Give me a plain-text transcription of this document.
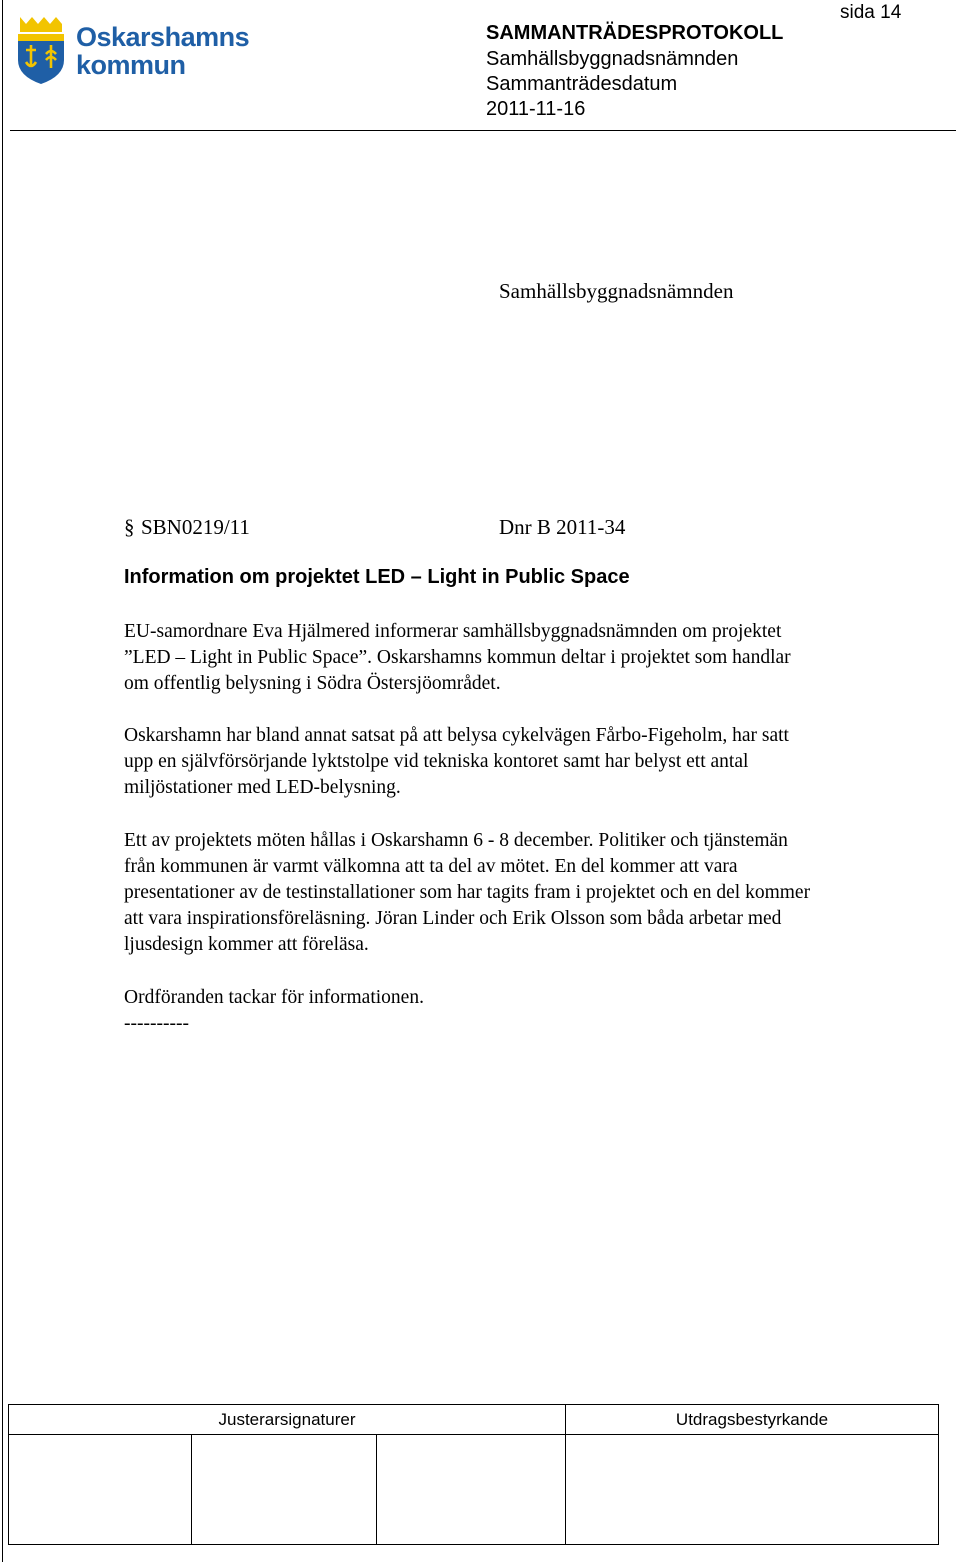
Oskarshamns
kommun
sida 14
SAMMANTRÄDESPROTOKOLL
Samhällsbyggnadsnämnden
Sammanträdesdatum
2011-11-16
Samhällsbyggnadsnämnden
§ SBN0219/11	Dnr B 2011-34
Information om projektet LED – Light in Public Space

EU-samordnare Eva Hjälmered informerar samhällsbyggnadsnämnden om projektet
”LED – Light in Public Space”. Oskarshamns kommun deltar i projektet som handlar
om offentlig belysning i Södra Östersjöområdet.

Oskarshamn har bland annat satsat på att belysa cykelvägen Fårbo-Figeholm, har satt
upp en självförsörjande lyktstolpe vid tekniska kontoret samt har belyst ett antal
miljöstationer med LED-belysning.

Ett av projektets möten hållas i Oskarshamn 6 - 8 december. Politiker och tjänstemän
från kommunen är varmt välkomna att ta del av mötet. En del kommer att vara
presentationer av de testinstallationer som har tagits fram i projektet och en del kommer
att vara inspirationsföreläsning. Jöran Linder och Erik Olsson som båda arbetar med
ljusdesign kommer att föreläsa.

Ordföranden tackar för informationen.

----------

Justerarsignaturer			Utdragsbestyrkande
